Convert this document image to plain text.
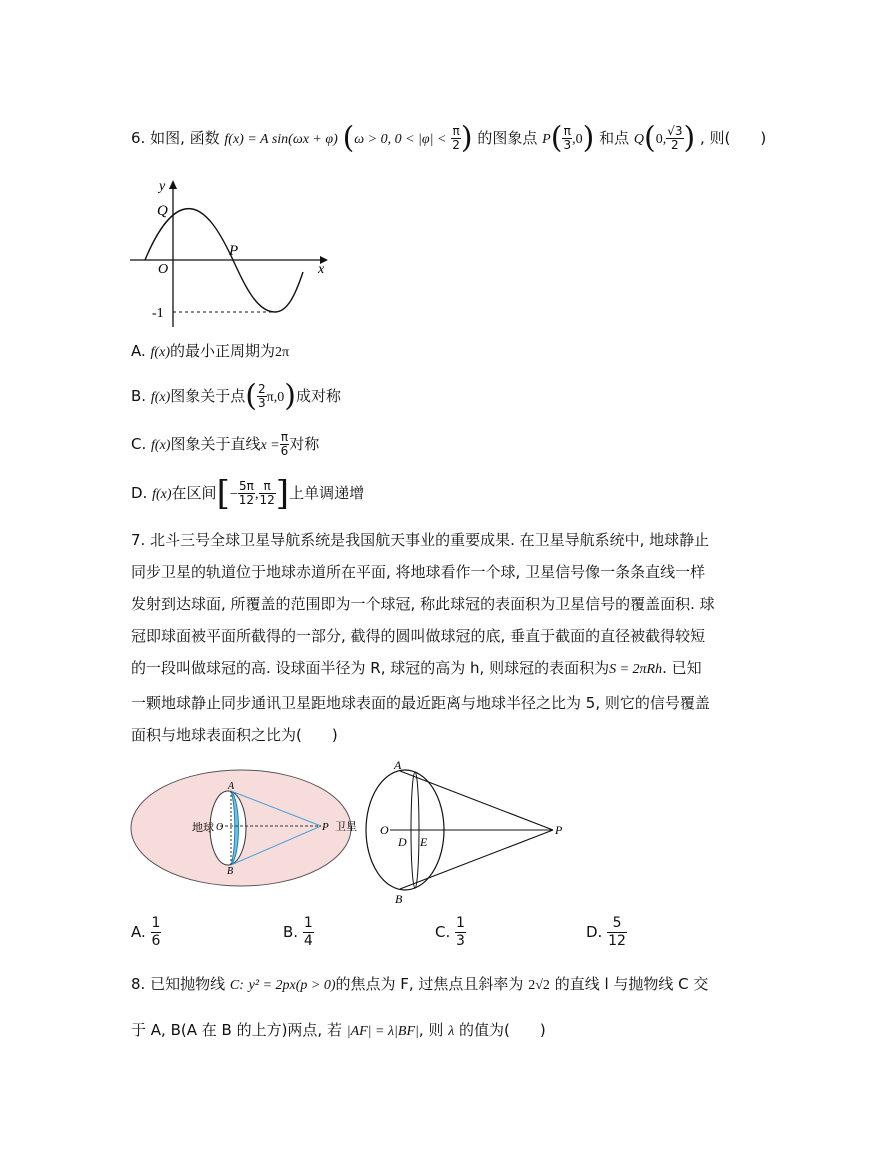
6. 如图, 函数 f(x) = A sin(ωx + φ) (ω > 0, $0 < |\varphi| < \frac{\pi}{2}$ ) 的图象点 $P( \frac{\pi}{3} ,0)$ 和点 Q(0, $\frac{√3}{2}$ ) , 则(　　)
y
Q
P
O	x
-1
A. f(x)的最小正周期为2π
B. f(x)图象关于点( $\frac{2}{3} \pi,0$)成对称
C. f(x)图象关于直线$x = \frac{\pi}{6}$ 对称
D. f(x)在区间[− $\frac{5\pi}{12}$ , $\frac{\pi}{12}$ ]上单调递增
7. 北斗三号全球卫星导航系统是我国航天事业的重要成果. 在卫星导航系统中, 地球静止
同步卫星的轨道位于地球赤道所在平面, 将地球看作一个球, 卫星信号像一条条直线一样
发射到达球面, 所覆盖的范围即为一个球冠, 称此球冠的表面积为卫星信号的覆盖面积. 球
冠即球面被平面所截得的一部分, 截得的圆叫做球冠的底, 垂直于截面的直径被截得较短
的一段叫做球冠的高. 设球面半径为 R, 球冠的高为 h, 则球冠的表面积为S = 2πRh. 已知
一颗地球静止同步通讯卫星距地球表面的最近距离与地球半径之比为 5, 则它的信号覆盖
面积与地球表面积之比为(　　)
地球
A
O
B
P 卫星
A
O
D E
B
P
A. $\frac{1}{6}$	B. $\frac{1}{4}$	C. $\frac{1}{3}$	D. $\frac{5}{12}$
8. 已知抛物线 C: y² = 2px(p > 0)的焦点为 F, 过焦点且斜率为 2√2 的直线 l 与抛物线 C 交
于 A, B(A 在 B 的上方)两点, 若 |AF| = λ|BF|, 则 λ 的值为(　　)
